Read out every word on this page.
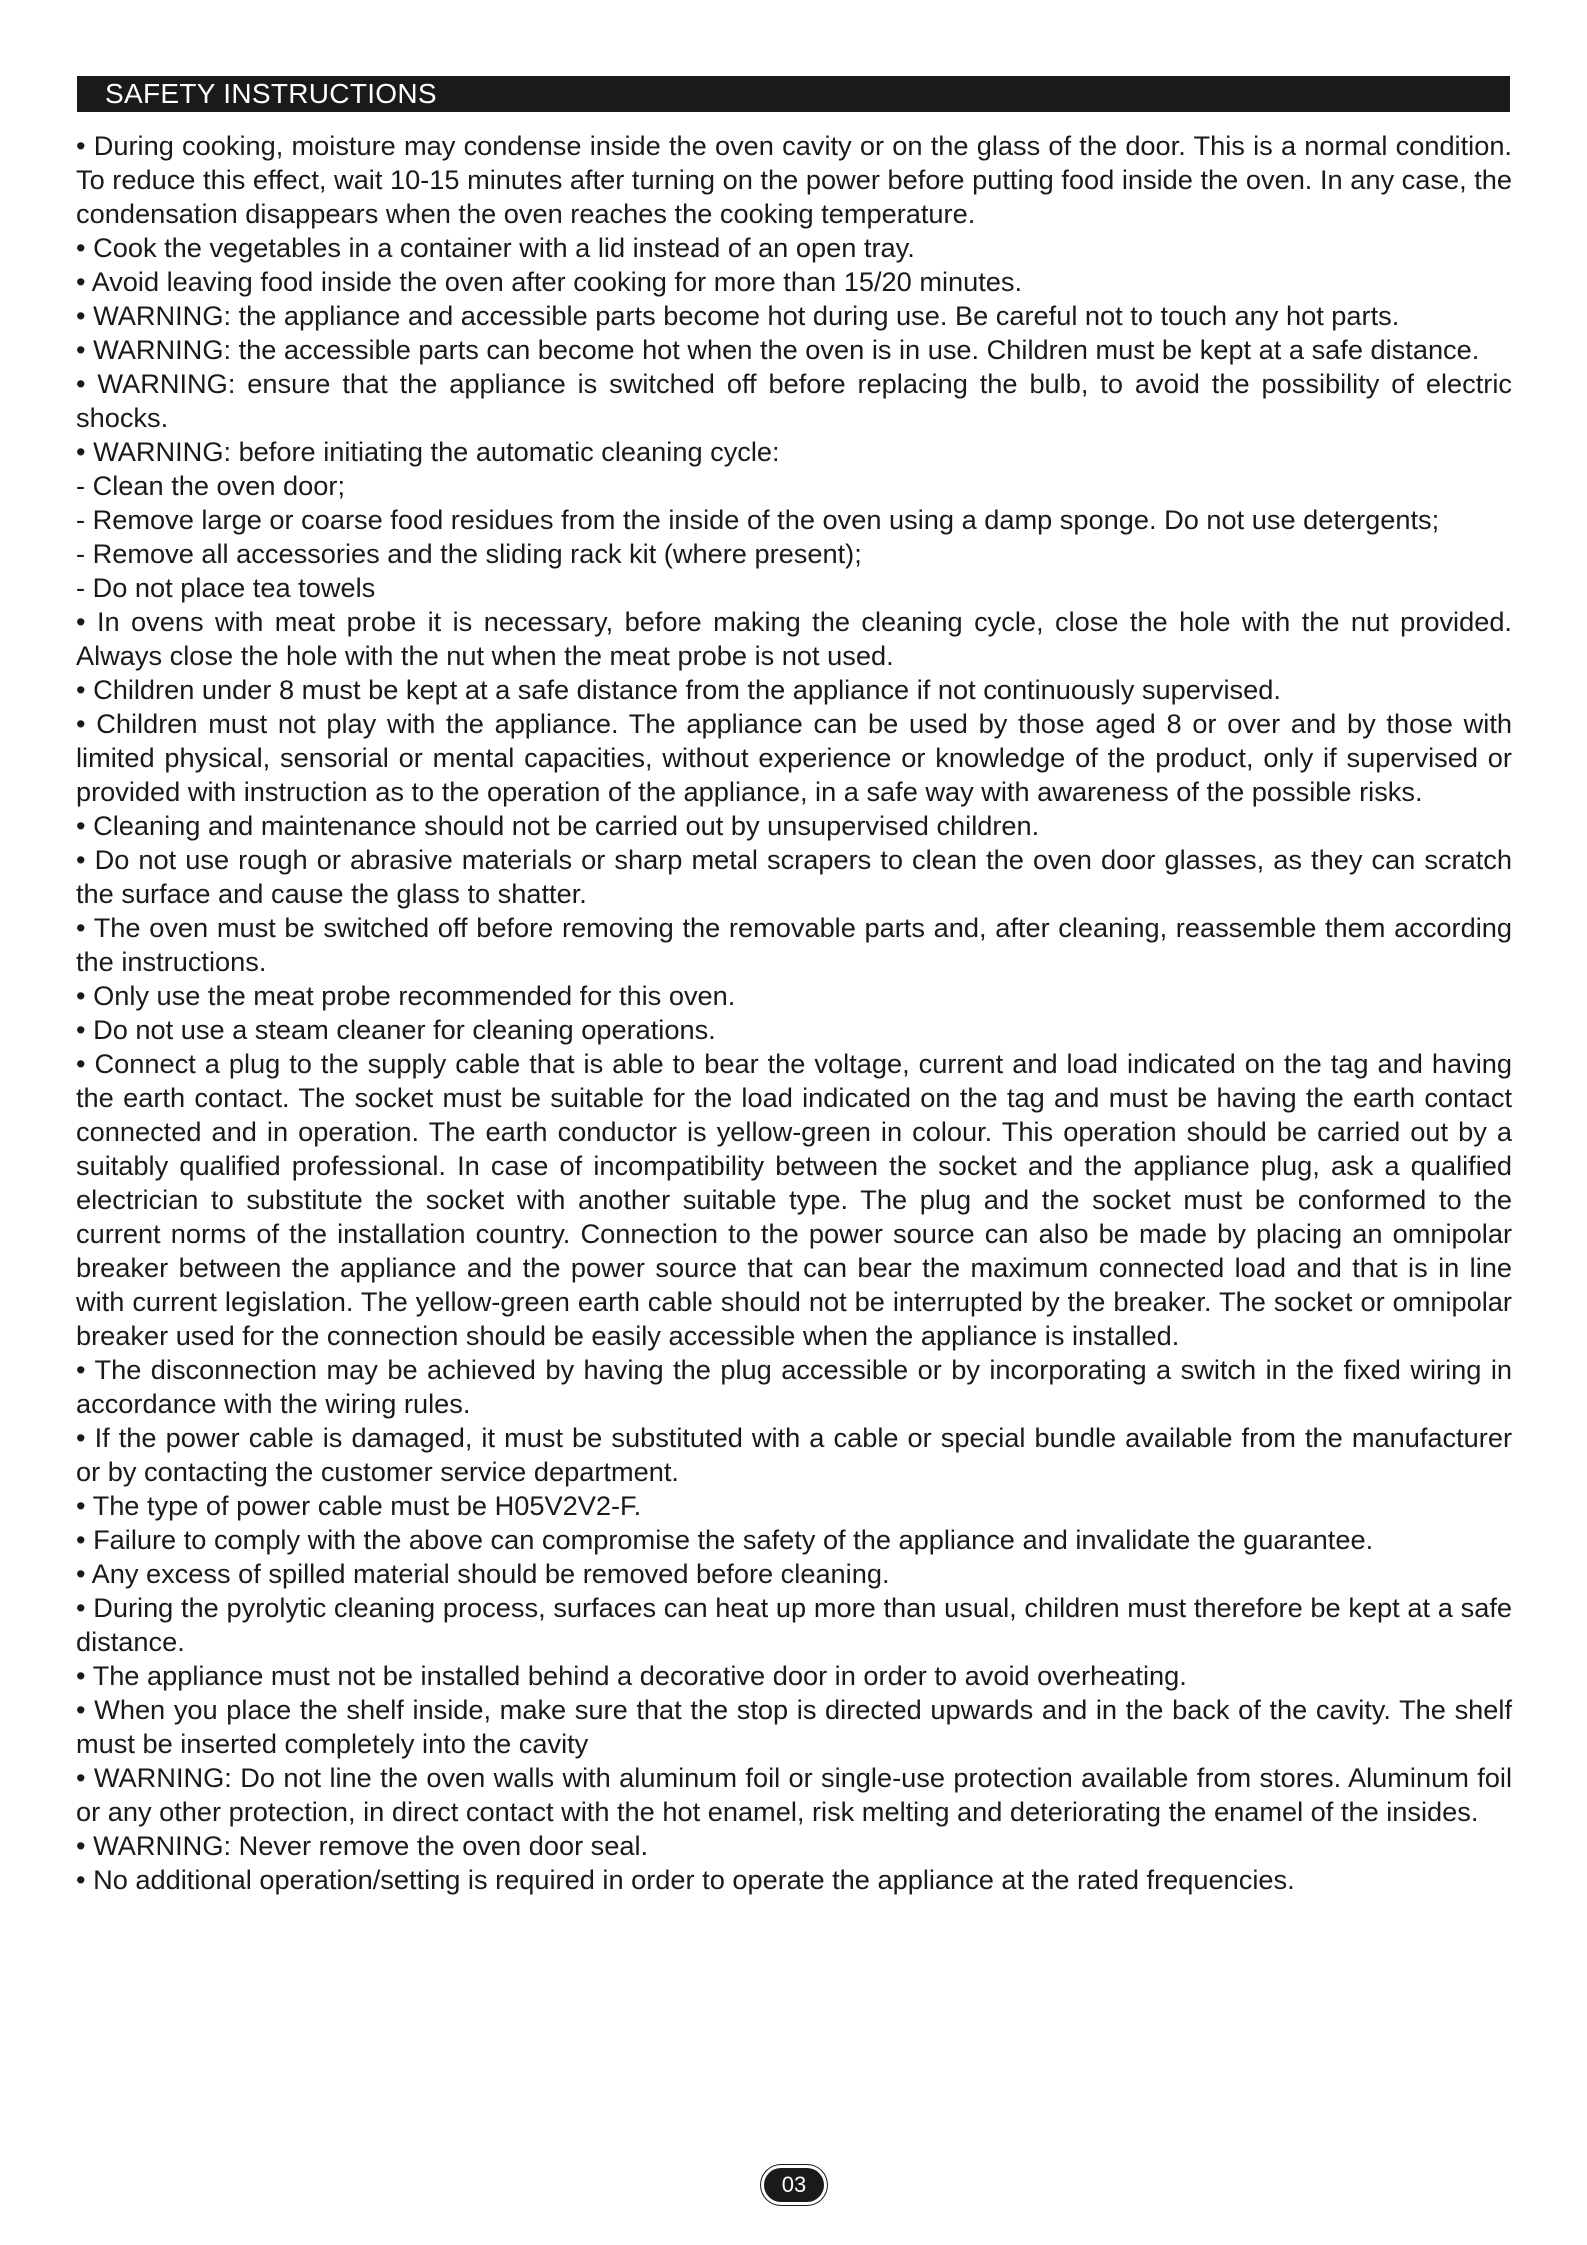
SAFETY INSTRUCTIONS

• During cooking, moisture may condense inside the oven cavity or on the glass of the door. This is a normal condition. To reduce this effect, wait 10-15 minutes after turning on the power before putting food inside the oven. In any case, the condensation disappears when the oven reaches the cooking temperature.

• Cook the vegetables in a container with a lid instead of an open tray.

• Avoid leaving food inside the oven after cooking for more than 15/20 minutes.

• WARNING: the appliance and accessible parts become hot during use. Be careful not to touch any hot parts.

• WARNING: the accessible parts can become hot when the oven is in use. Children must be kept at a safe distance.

• WARNING: ensure that the appliance is switched off before replacing the bulb, to avoid the possibility of electric shocks.

• WARNING: before initiating the automatic cleaning cycle:

- Clean the oven door;

- Remove large or coarse food residues from the inside of the oven using a damp sponge. Do not use detergents;

- Remove all accessories and the sliding rack kit (where present);

- Do not place tea towels

• In ovens with meat probe it is necessary, before making the cleaning cycle, close the hole with the nut provided. Always close the hole with the nut when the meat probe is not used.

• Children under 8 must be kept at a safe distance from the appliance if not continuously supervised.

• Children must not play with the appliance. The appliance can be used by those aged 8 or over and by those with limited physical, sensorial or mental capacities, without experience or knowledge of the product, only if supervised or provided with instruction as to the operation of the appliance, in a safe way with awareness of the possible risks.

• Cleaning and maintenance should not be carried out by unsupervised children.

• Do not use rough or abrasive materials or sharp metal scrapers to clean the oven door glasses, as they can scratch the surface and cause the glass to shatter.

• The oven must be switched off before removing the removable parts and, after cleaning, reassemble them according the instructions.

• Only use the meat probe recommended for this oven.

• Do not use a steam cleaner for cleaning operations.

• Connect a plug to the supply cable that is able to bear the voltage, current and load indicated on the tag and having the earth contact. The socket must be suitable for the load indicated on the tag and must be having the earth contact connected and in operation. The earth conductor is yellow-green in colour. This operation should be carried out by a suitably qualified professional. In case of incompatibility between the socket and the appliance plug, ask a qualified electrician to substitute the socket with another suitable type. The plug and the socket must be conformed to the current norms of the installation country. Connection to the power source can also be made by placing an omnipolar breaker between the appliance and the power source that can bear the maximum connected load and that is in line with current legislation. The yellow-green earth cable should not be interrupted by the breaker. The socket or omnipolar breaker used for the connection should be easily accessible when the appliance is installed.

• The disconnection may be achieved by having the plug accessible or by incorporating a switch in the fixed wiring in accordance with the wiring rules.

• If the power cable is damaged, it must be substituted with a cable or special bundle available from the manufacturer or by contacting the customer service department.

• The type of power cable must be H05V2V2-F.

• Failure to comply with the above can compromise the safety of the appliance and invalidate the guarantee.

• Any excess of spilled material should be removed before cleaning.

• During the pyrolytic cleaning process, surfaces can heat up more than usual, children must therefore be kept at a safe distance.

• The appliance must not be installed behind a decorative door in order to avoid overheating.

• When you place the shelf inside, make sure that the stop is directed upwards and in the back of the cavity. The shelf must be inserted completely into the cavity

• WARNING: Do not line the oven walls with aluminum foil or single-use protection available from stores. Aluminum foil or any other protection, in direct contact with the hot enamel, risk melting and deteriorating the enamel of the insides.

• WARNING: Never remove the oven door seal.

• No additional operation/setting is required in order to operate the appliance at the rated frequencies.

03
